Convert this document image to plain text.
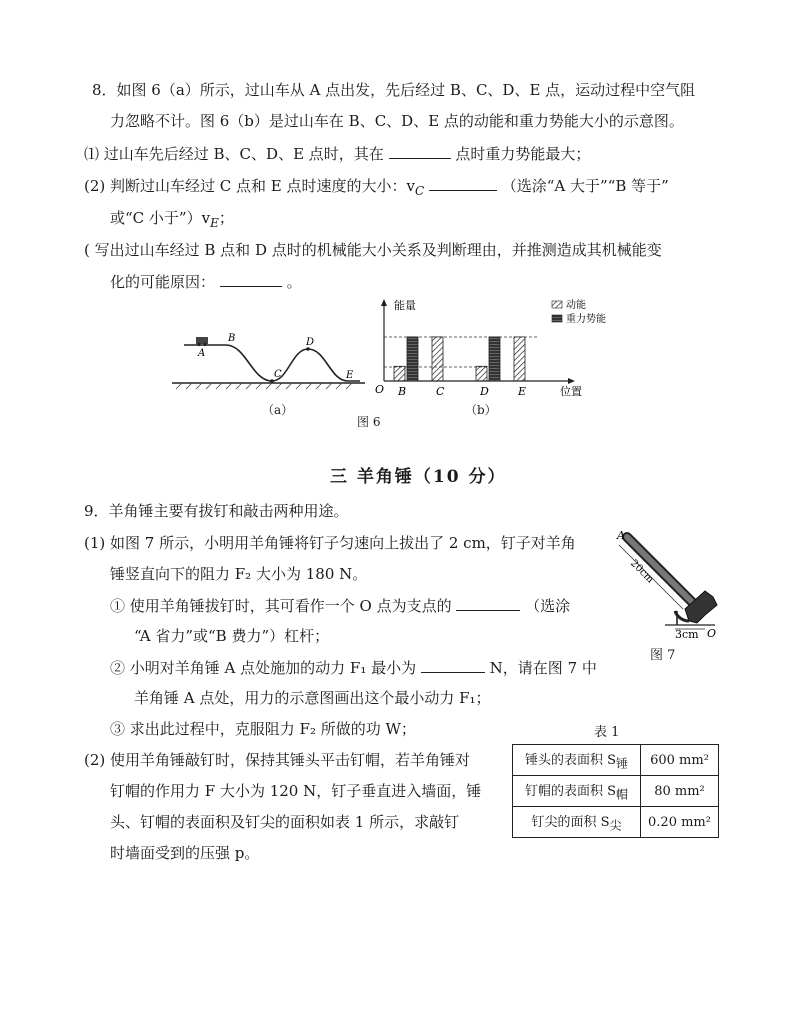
8．如图 6（a）所示，过山车从 A 点出发，先后经过 B、C、D、E 点，运动过程中空气阻
力忽略不计。图 6（b）是过山车在 B、C、D、E 点的动能和重力势能大小的示意图。
⑴ 过山车先后经过 B、C、D、E 点时，其在	点时重力势能最大；
(2) 判断过山车经过 C 点和 E 点时速度的大小：$v_C$	（选涂“A 大于”“B 等于”
或“C 小于$”)v_E$；
( 写出过山车经过 B 点和 D 点时的机械能大小关系及判断理由，并推测造成其机械能变
化的可能原因：	。
A
B
C
D
E
（a）
能量
位置
O
动能
重力势能
B	C	D	E
（b）
图 6
三 羊角锤（10 分）
9．羊角锤主要有拔钉和敲击两种用途。
(1) 如图 7 所示，小明用羊角锤将钉子匀速向上拔出了 2 cm，钉子对羊角
锤竖直向下的阻力 F₂ 大小为 180 N。
① 使用羊角锤拔钉时，其可看作一个 O 点为支点的	（选涂
“A 省力”或“B 费力”）杠杆；
② 小明对羊角锤 A 点处施加的动力 F₁ 最小为	N，请在图 7 中
羊角锤 A 点处，用力的示意图画出这个最小动力 F₁；
③ 求出此过程中，克服阻力 F₂ 所做的功 W；
(2) 使用羊角锤敲钉时，保持其锤头平击钉帽，若羊角锤对
钉帽的作用力 F 大小为 120 N，钉子垂直进入墙面，锤
头、钉帽的表面积及钉尖的面积如表 1 所示，求敲钉
时墙面受到的压强 p。
20cm
3cm
A
O
图 7
表 1
锤头的表面积 $S_锤$	600 mm²
钉帽的表面积 $S_帽$	80 mm²
钉尖的面积 $S_尖$	0.20 mm²
